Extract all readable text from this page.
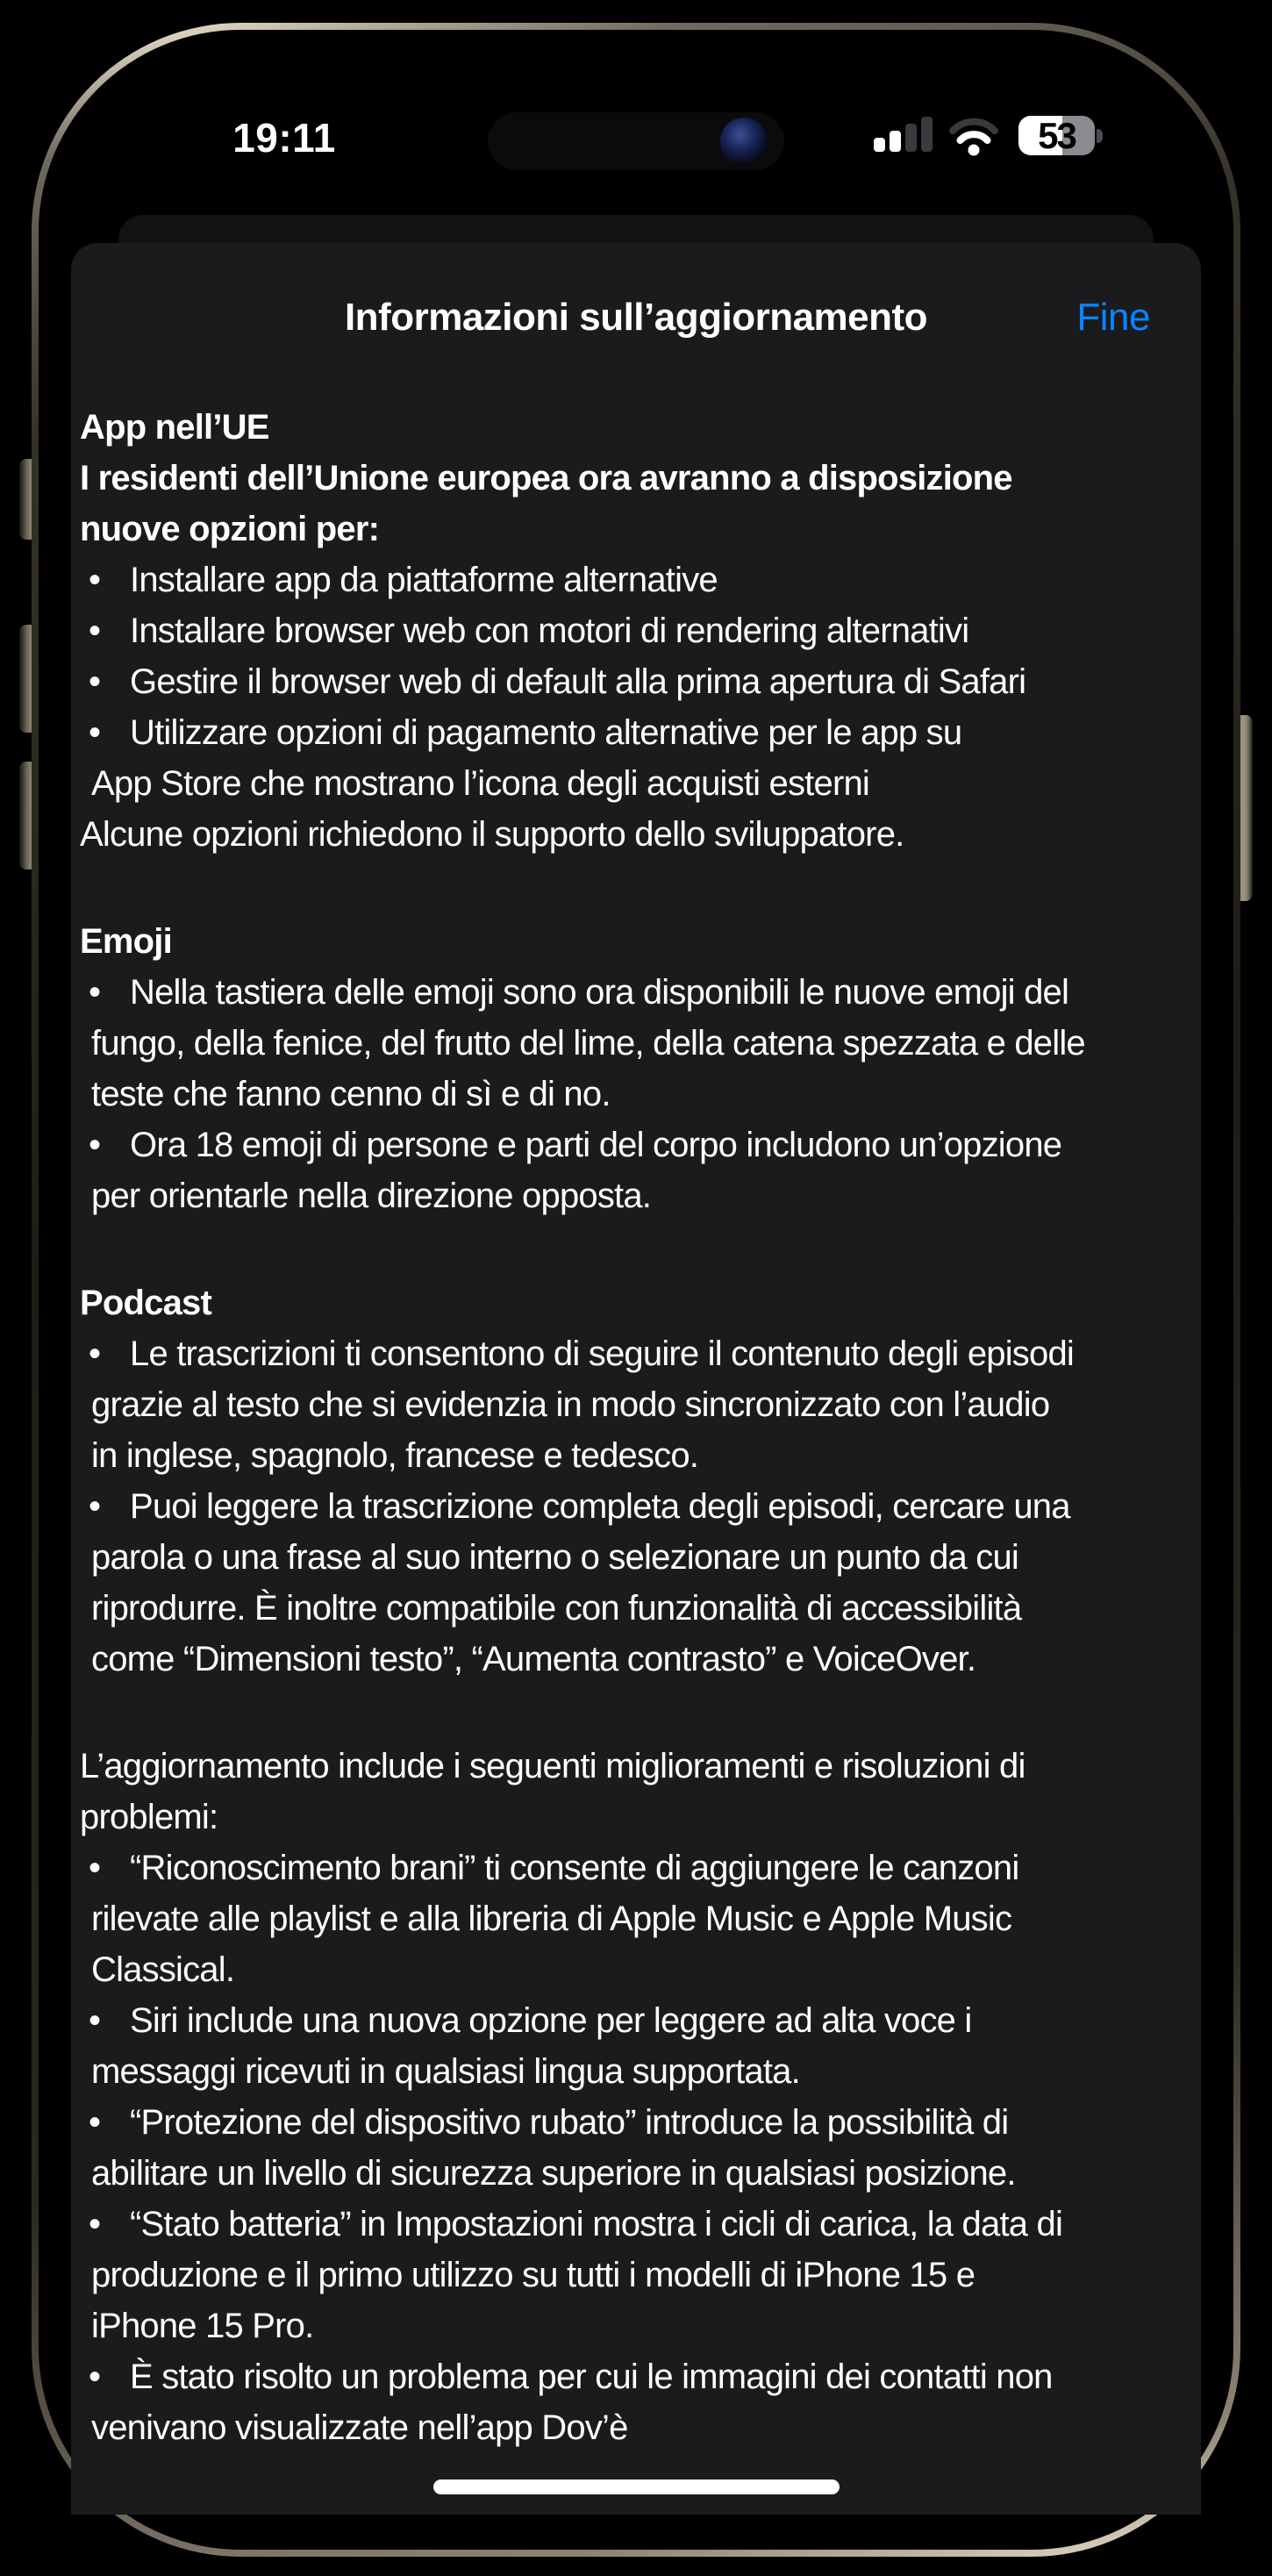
19:11	53
Informazioni sull’aggiornamento	Fine
App nell’UE
I residenti dell’Unione europea ora avranno a disposizione
nuove opzioni per:
• Installare app da piattaforme alternative
• Installare browser web con motori di rendering alternativi
• Gestire il browser web di default alla prima apertura di Safari
• Utilizzare opzioni di pagamento alternative per le app su
App Store che mostrano l’icona degli acquisti esterni
Alcune opzioni richiedono il supporto dello sviluppatore.
Emoji
• Nella tastiera delle emoji sono ora disponibili le nuove emoji del
fungo, della fenice, del frutto del lime, della catena spezzata e delle
teste che fanno cenno di sì e di no.
• Ora 18 emoji di persone e parti del corpo includono un’opzione
per orientarle nella direzione opposta.
Podcast
• Le trascrizioni ti consentono di seguire il contenuto degli episodi
grazie al testo che si evidenzia in modo sincronizzato con l’audio
in inglese, spagnolo, francese e tedesco.
• Puoi leggere la trascrizione completa degli episodi, cercare una
parola o una frase al suo interno o selezionare un punto da cui
riprodurre. È inoltre compatibile con funzionalità di accessibilità
come “Dimensioni testo”, “Aumenta contrasto” e VoiceOver.
L’aggiornamento include i seguenti miglioramenti e risoluzioni di
problemi:
• “Riconoscimento brani” ti consente di aggiungere le canzoni
rilevate alle playlist e alla libreria di Apple Music e Apple Music
Classical.
• Siri include una nuova opzione per leggere ad alta voce i
messaggi ricevuti in qualsiasi lingua supportata.
• “Protezione del dispositivo rubato” introduce la possibilità di
abilitare un livello di sicurezza superiore in qualsiasi posizione.
• “Stato batteria” in Impostazioni mostra i cicli di carica, la data di
produzione e il primo utilizzo su tutti i modelli di iPhone 15 e
iPhone 15 Pro.
• È stato risolto un problema per cui le immagini dei contatti non
venivano visualizzate nell’app Dov’è
